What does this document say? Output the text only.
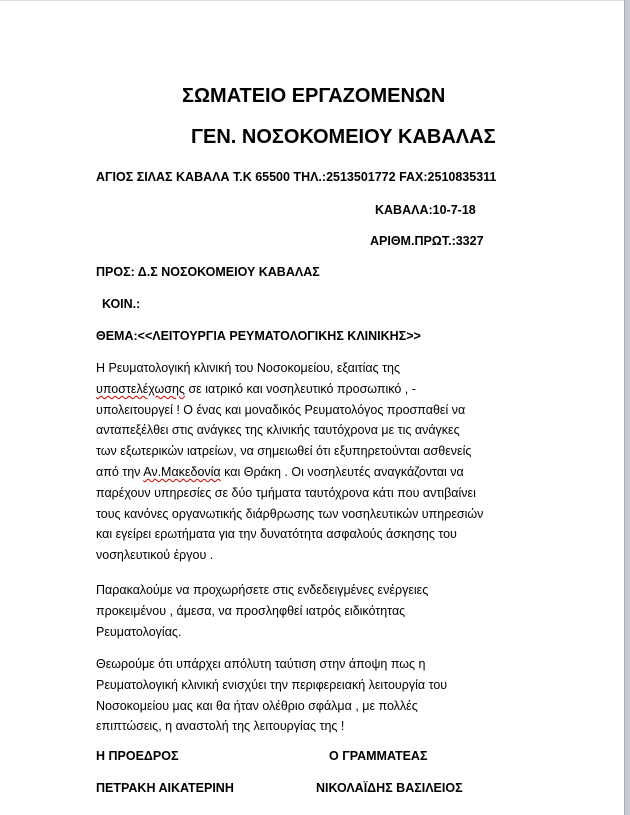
ΣΩΜΑΤΕΙΟ ΕΡΓΑΖΟΜΕΝΩΝ
ΓΕΝ. ΝΟΣΟΚΟΜΕΙΟΥ ΚΑΒΑΛΑΣ
ΑΓΙΟΣ ΣΙΛΑΣ ΚΑΒΑΛΑ Τ.Κ 65500 ΤΗΛ.:2513501772 FAX:2510835311
ΚΑΒΑΛΑ:10-7-18
ΑΡΙΘΜ.ΠΡΩΤ.:3327
ΠΡΟΣ: Δ.Σ ΝΟΣΟΚΟΜΕΙΟΥ ΚΑΒΑΛΑΣ
ΚΟΙΝ.:
ΘΕΜΑ:<<ΛΕΙΤΟΥΡΓΙΑ ΡΕΥΜΑΤΟΛΟΓΙΚΗΣ ΚΛΙΝΙΚΗΣ>>
Η Ρευματολογική κλινική του Νοσοκομείου, εξαιτίας της
υποστελέχωσης σε ιατρικό και νοσηλευτικό προσωπικό , -
υπολειτουργεί ! Ο ένας και μοναδικός Ρευματολόγος προσπαθεί να
ανταπεξέλθει στις ανάγκες της κλινικής ταυτόχρονα με τις ανάγκες
των εξωτερικών ιατρείων, να σημειωθεί ότι εξυπηρετούνται ασθενείς
από την Αν.Μακεδονία και Θράκη . Οι νοσηλευτές αναγκάζονται να
παρέχουν υπηρεσίες σε δύο τμήματα ταυτόχρονα κάτι που αντιβαίνει
τους κανόνες οργανωτικής διάρθρωσης των νοσηλευτικών υπηρεσιών
και εγείρει ερωτήματα για την δυνατότητα ασφαλούς άσκησης του
νοσηλευτικού έργου .
Παρακαλούμε να προχωρήσετε στις ενδεδειγμένες ενέργειες
προκειμένου , άμεσα, να προσληφθεί ιατρός ειδικότητας
Ρευματολογίας.
Θεωρούμε ότι υπάρχει απόλυτη ταύτιση στην άποψη πως η
Ρευματολογική κλινική ενισχύει την περιφερειακή λειτουργία του
Νοσοκομείου μας και θα ήταν ολέθριο σφάλμα , με πολλές
επιπτώσεις, η αναστολή της λειτουργίας της !
Η ΠΡΟΕΔΡΟΣ	Ο ΓΡΑΜΜΑΤΕΑΣ
ΠΕΤΡΑΚΗ ΑΙΚΑΤΕΡΙΝΗ	ΝΙΚΟΛΑΪΔΗΣ ΒΑΣΙΛΕΙΟΣ
